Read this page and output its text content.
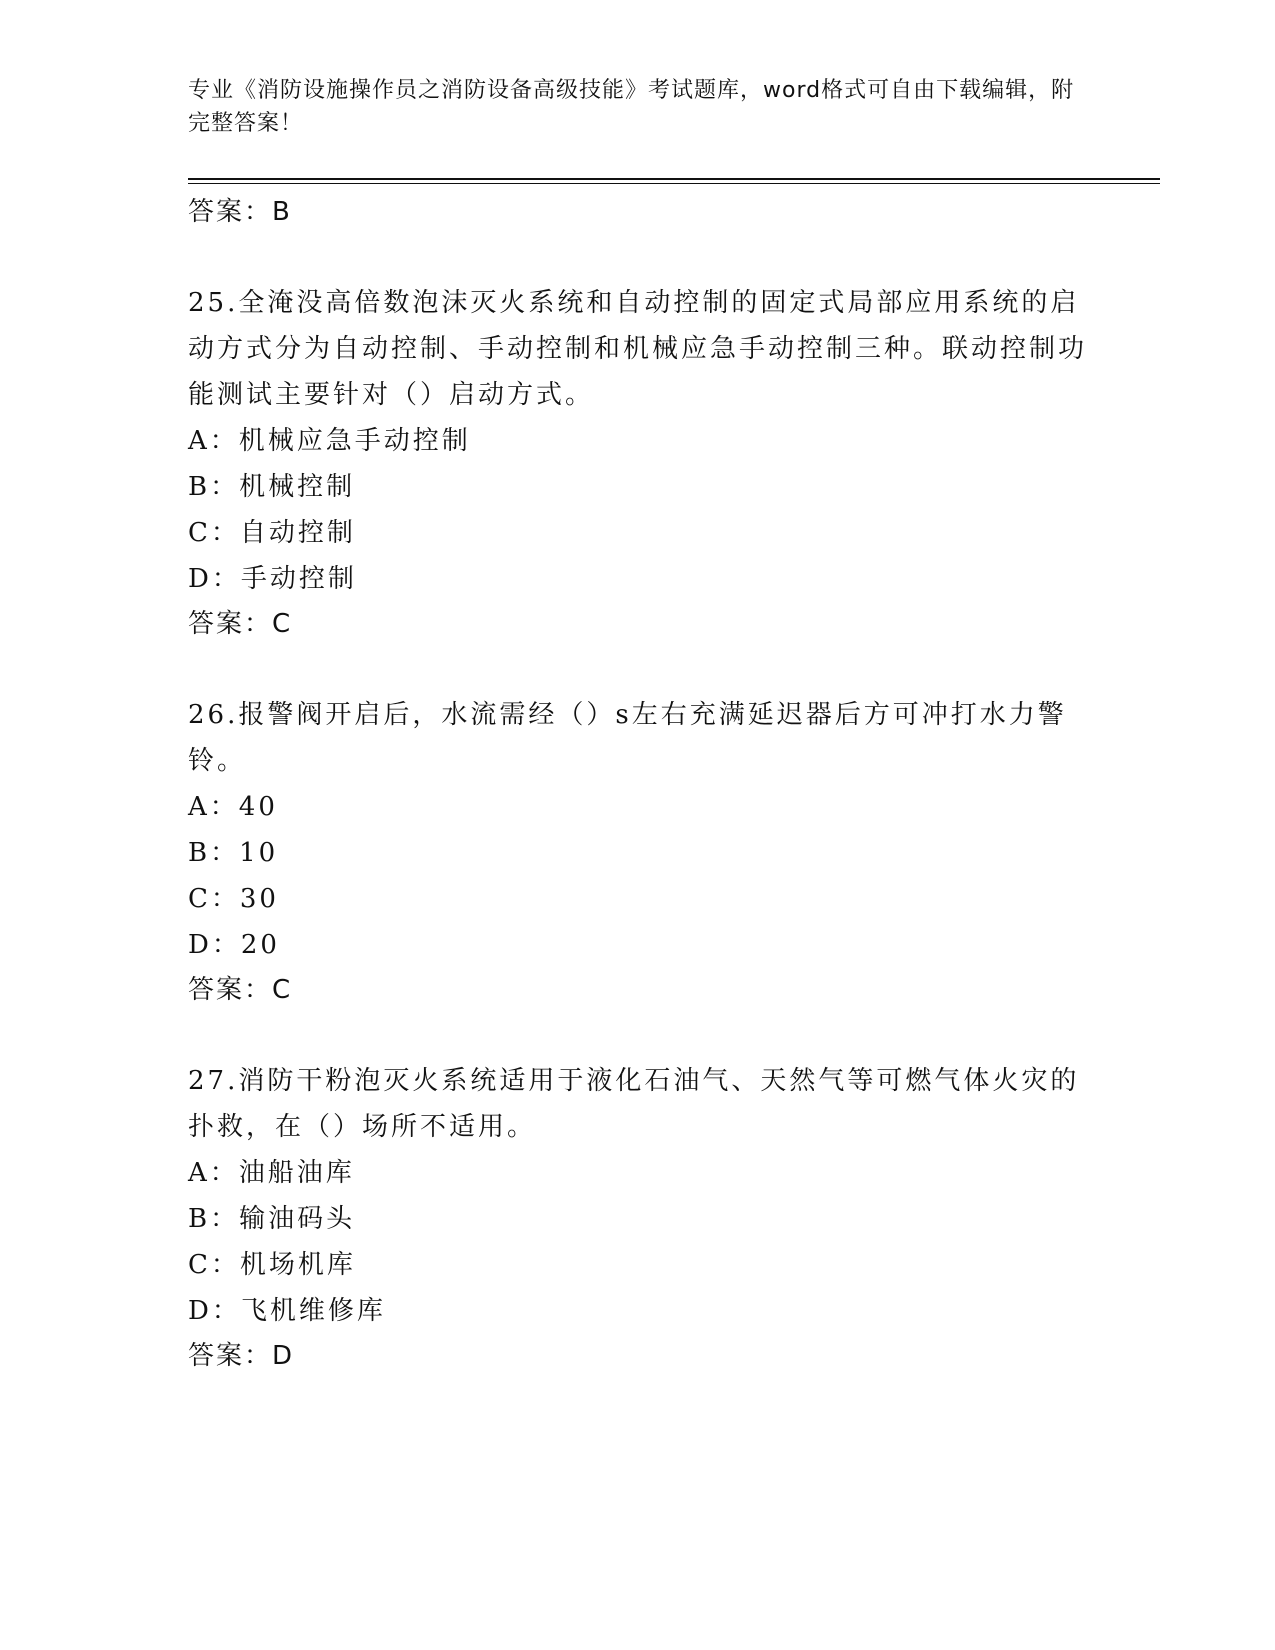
专业《消防设施操作员之消防设备高级技能》考试题库，word格式可自由下载编辑，附完整答案！

答案：B

25.全淹没高倍数泡沫灭火系统和自动控制的固定式局部应用系统的启动方式分为自动控制、手动控制和机械应急手动控制三种。联动控制功能测试主要针对（）启动方式。

A：机械应急手动控制

B：机械控制

C：自动控制

D：手动控制

答案：C

26.报警阀开启后，水流需经（）s左右充满延迟器后方可冲打水力警铃。

A：40

B：10

C：30

D：20

答案：C

27.消防干粉泡灭火系统适用于液化石油气、天然气等可燃气体火灾的扑救，在（）场所不适用。

A：油船油库

B：输油码头

C：机场机库

D：飞机维修库

答案：D
